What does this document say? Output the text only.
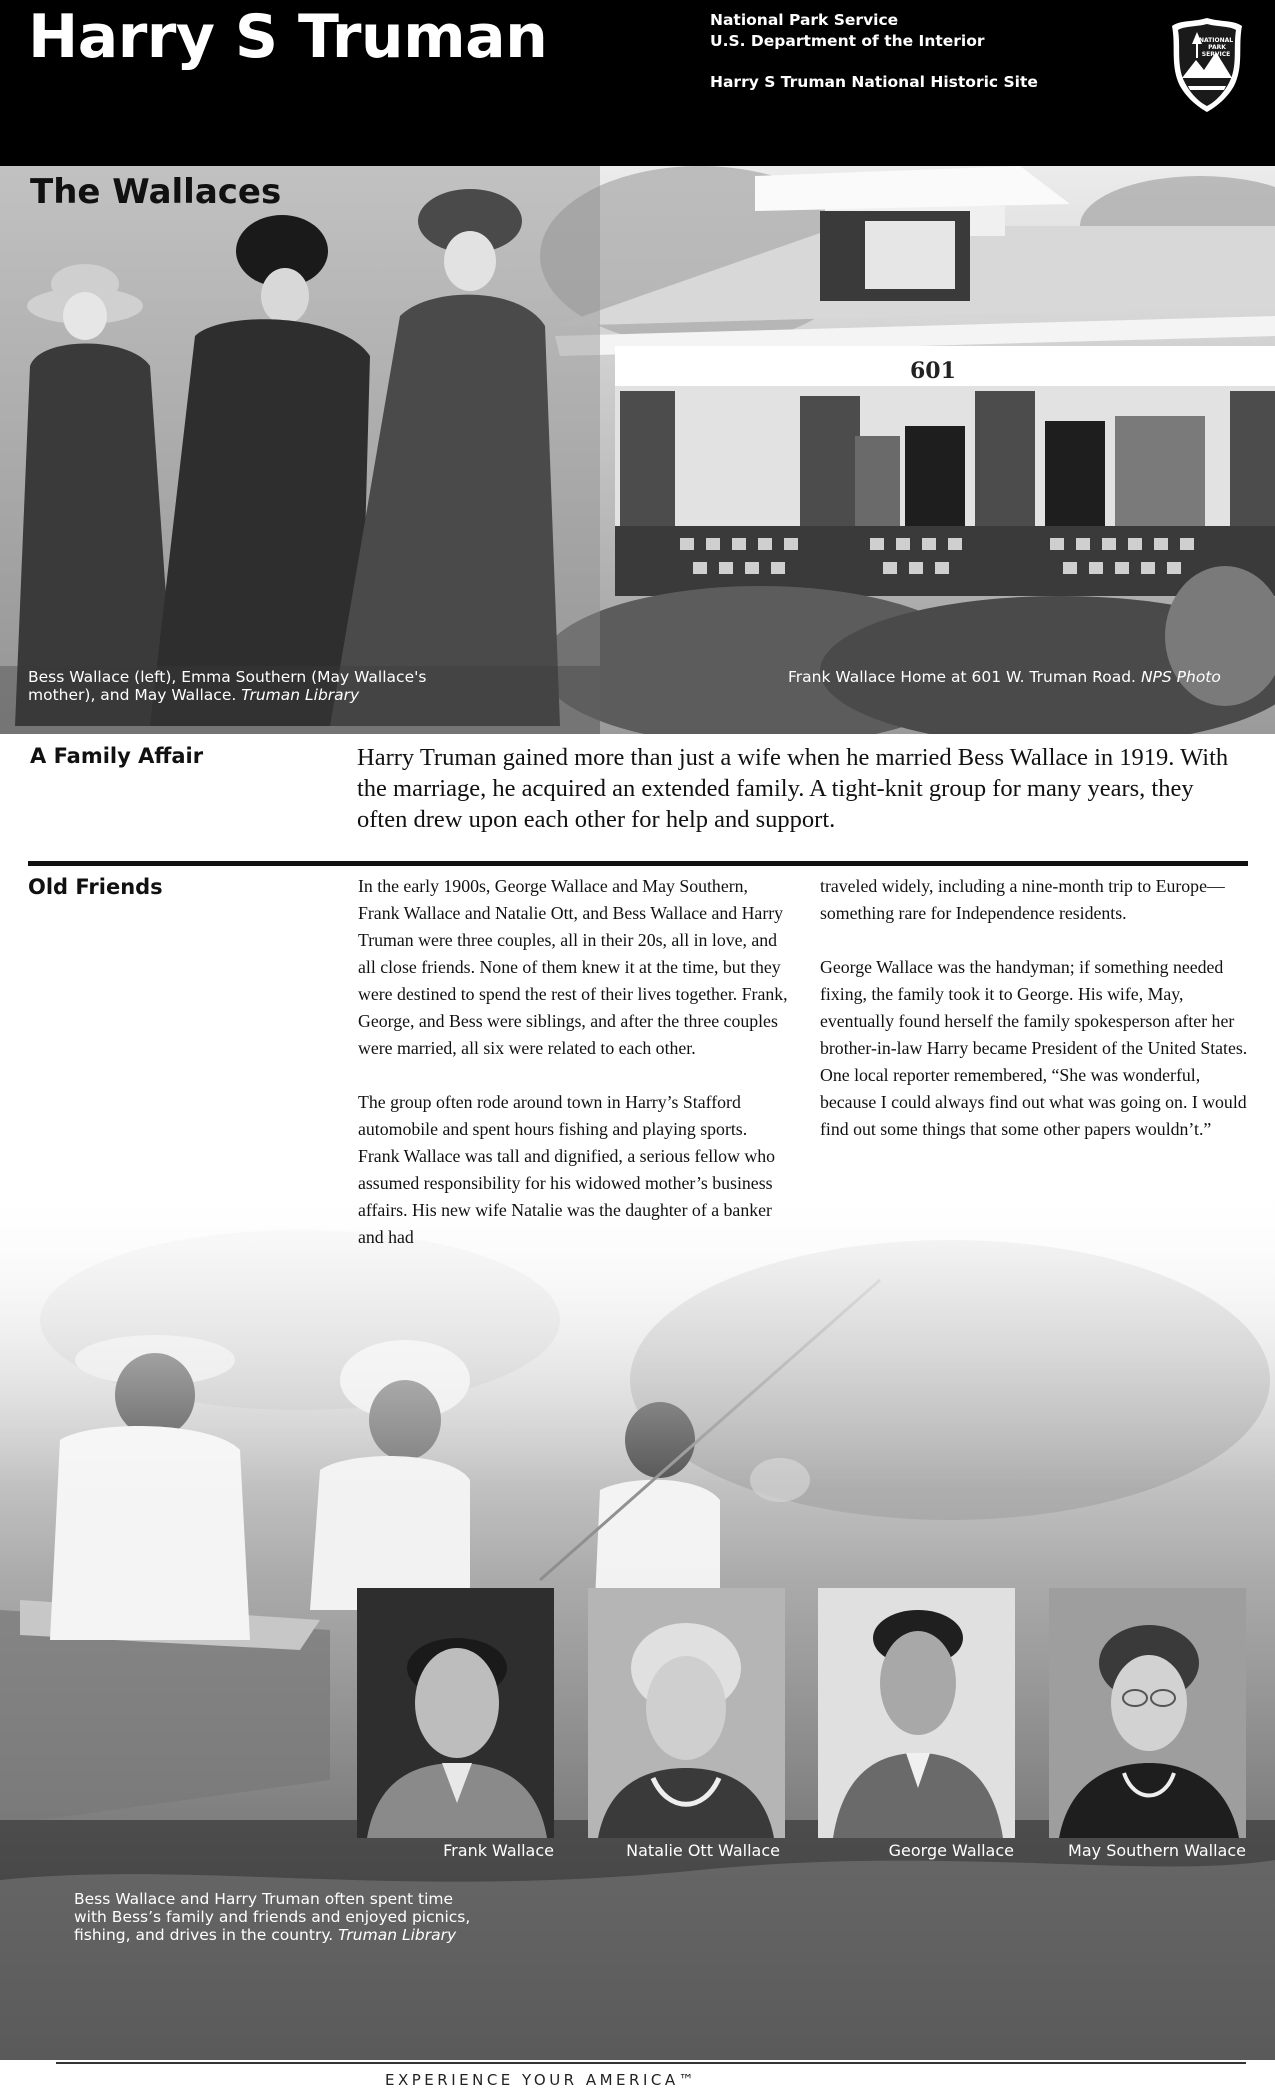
Harry S Truman	National Park Service
U.S. Department of the Interior
Harry S Truman National Historic Site
NATIONAL
PARK
SERVICE
601
The Wallaces
Bess Wallace (left), Emma Southern (May Wallace's mother), and May Wallace. Truman Library
Frank Wallace Home at 601 W. Truman Road. NPS Photo
A Family Affair	Harry Truman gained more than just a wife when he married Bess Wallace in 1919. With the marriage, he acquired an extended family. A tight-knit group for many years, they often drew upon each other for help and support.
Old Friends	In the early 1900s, George Wallace and May Southern, Frank Wallace and Natalie Ott, and Bess Wallace and Harry Truman were three couples, all in their 20s, all in love, and all close friends. None of them knew it at the time, but they were destined to spend the rest of their lives together. Frank, George, and Bess were siblings, and after the three couples were married, all six were related to each other.

The group often rode around town in Harry’s Stafford automobile and spent hours fishing and playing sports. Frank Wallace was tall and dignified, a serious fellow who assumed responsibility for his widowed mother’s business affairs. His new wife Natalie was the daughter of a banker and had

traveled widely, including a nine-month trip to Europe—something rare for Independence residents.

George Wallace was the handyman; if something needed fixing, the family took it to George. His wife, May, eventually found herself the family spokesperson after her brother-in-law Harry became President of the United States. One local reporter remembered, “She was wonderful, because I could always find out what was going on. I would find out some things that some other papers wouldn’t.”

Frank Wallace	Natalie Ott Wallace	George Wallace	May Southern Wallace
Bess Wallace and Harry Truman often spent time with Bess’s family and friends and enjoyed picnics, fishing, and drives in the country. Truman Library
EXPERIENCE YOUR AMERICA™
